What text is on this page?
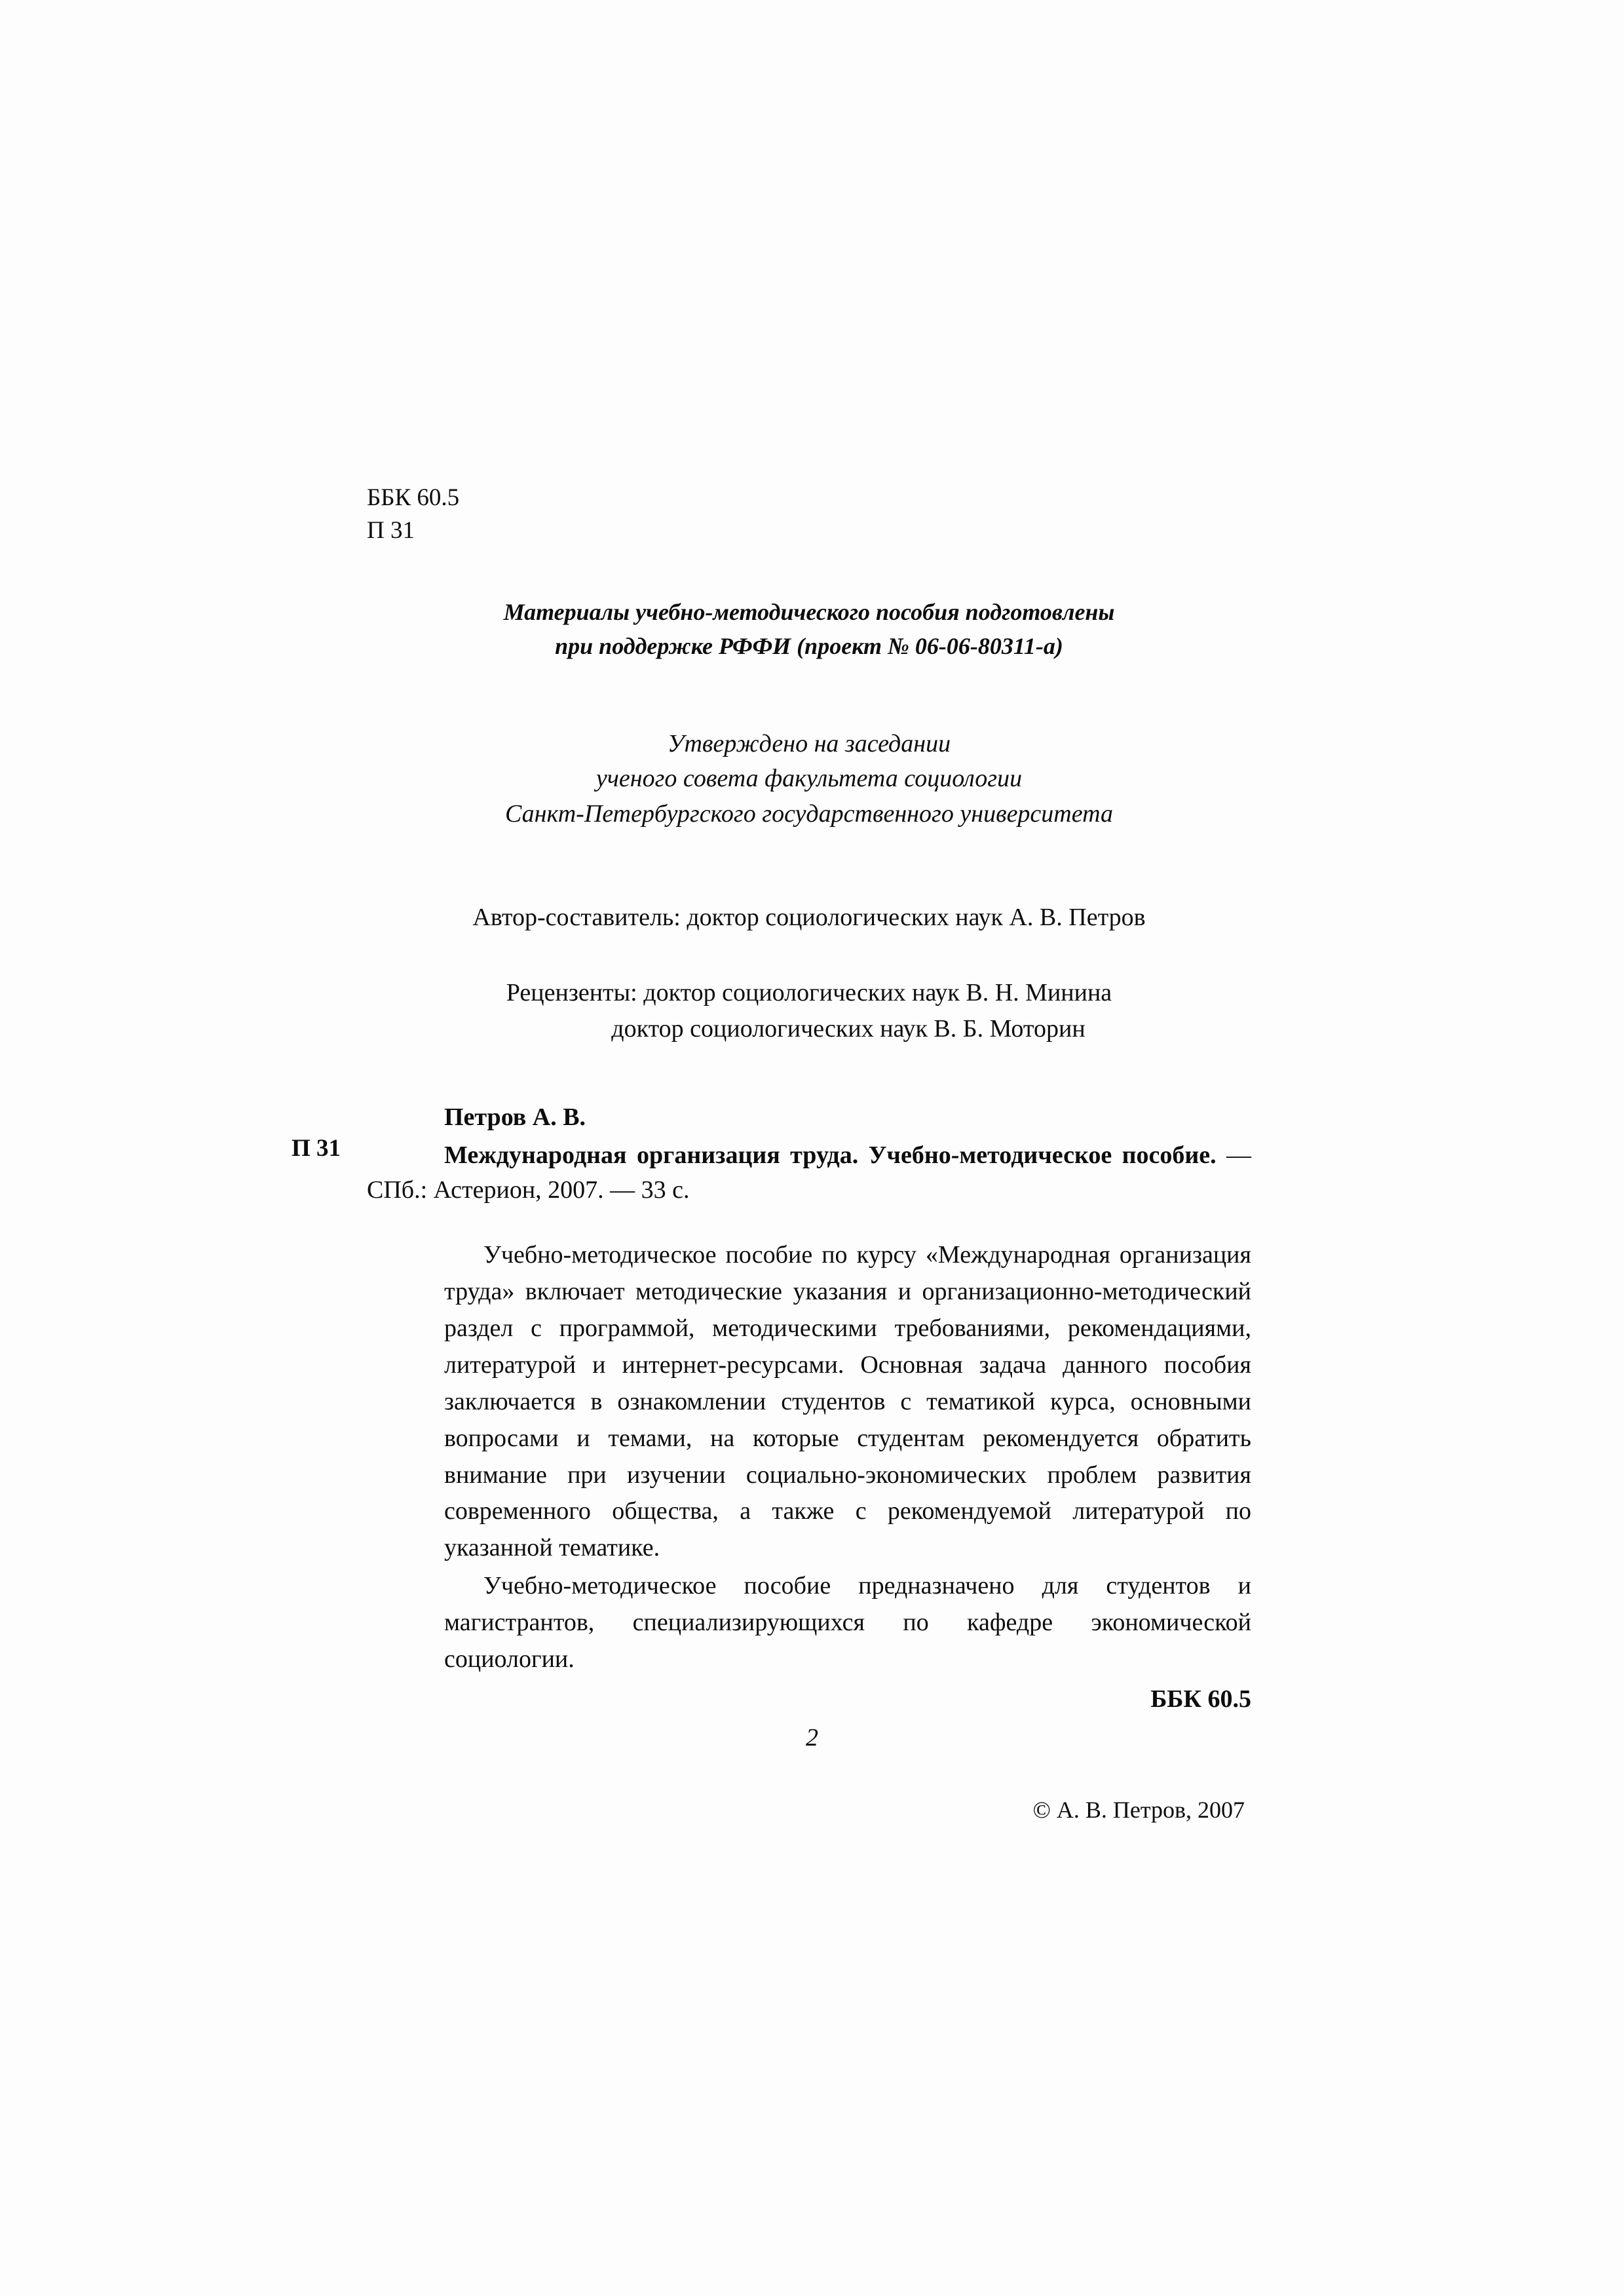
ББК 60.5
П 31
Материалы учебно-методического пособия подготовлены
при поддержке РФФИ (проект № 06-06-80311-а)
Утверждено на заседании
ученого совета факультета социологии
Санкт-Петербургского государственного университета
Автор-составитель: доктор социологических наук А. В. Петров
Рецензенты: доктор социологических наук В. Н. Минина
доктор социологических наук В. Б. Моторин
П 31
Петров А. В.
Международная организация труда. Учебно-методическое пособие. — СПб.: Астерион, 2007. — 33 с.

Учебно-методическое пособие по курсу «Международная организация труда» включает методические указания и организационно-методический раздел с программой, методическими требованиями, рекомендациями, литературой и интернет-ресурсами. Основная задача данного пособия заключается в ознакомлении студентов с тематикой курса, основными вопросами и темами, на которые студентам рекомендуется обратить внимание при изучении социально-экономических проблем развития современного общества, а также с рекомендуемой литературой по указанной тематике.

Учебно-методическое пособие предназначено для студентов и магистрантов, специализирующихся по кафедре экономической социологии.

ББК 60.5
© А. В. Петров, 2007
2
